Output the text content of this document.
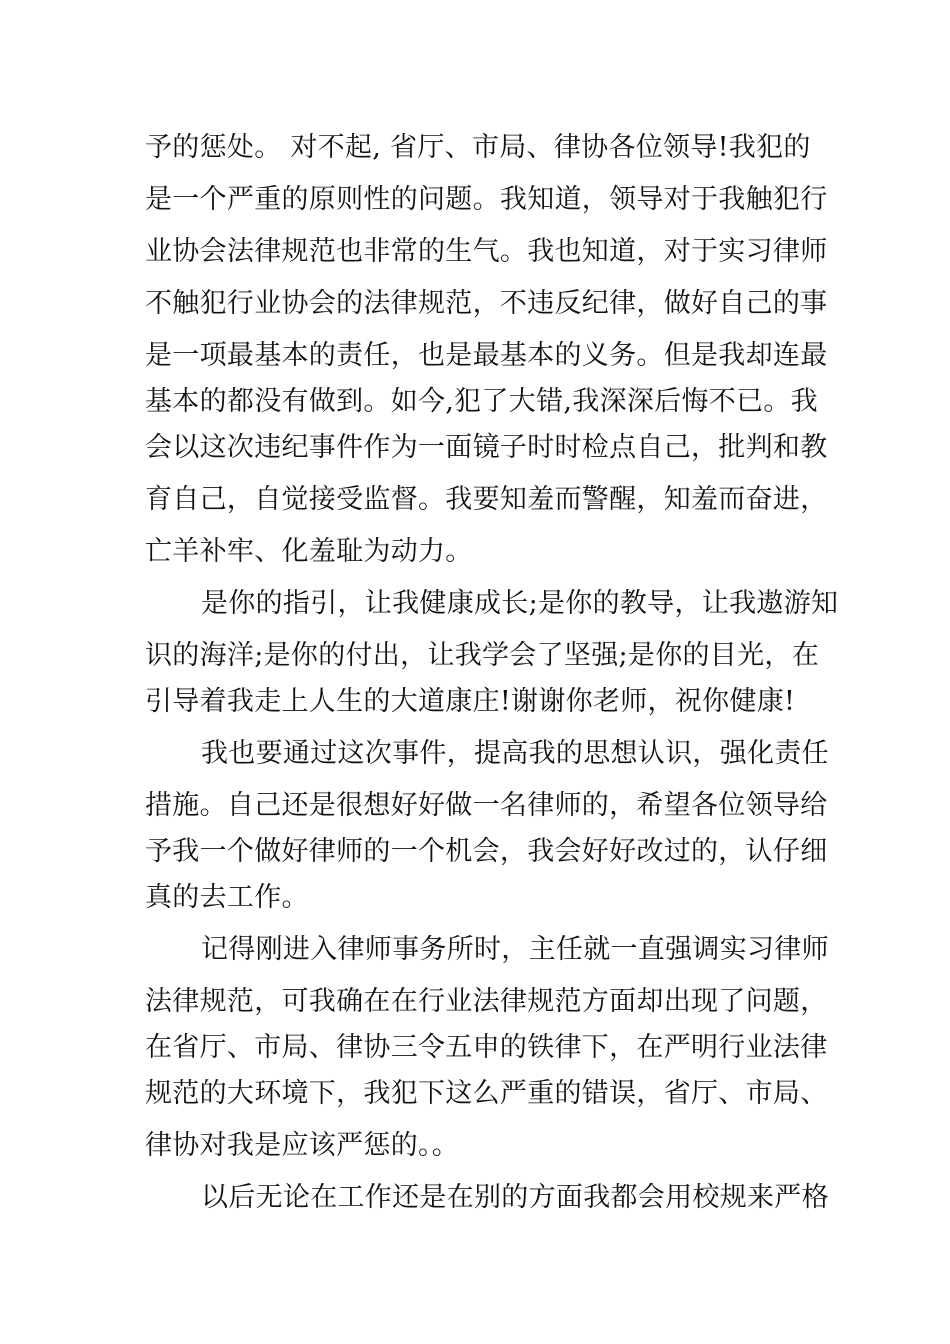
予的惩处。 对不起, 省厅、市局、律协各位领导!我犯的
是一个严重的原则性的问题。我知道，领导对于我触犯行
业协会法律规范也非常的生气。我也知道，对于实习律师
不触犯行业协会的法律规范，不违反纪律，做好自己的事
是一项最基本的责任，也是最基本的义务。但是我却连最
基本的都没有做到。如今,犯了大错,我深深后悔不已。我
会以这次违纪事件作为一面镜子时时检点自己，批判和教
育自己，自觉接受监督。我要知羞而警醒，知羞而奋进，
亡羊补牢、化羞耻为动力。
是你的指引，让我健康成长;是你的教导，让我遨游知
识的海洋;是你的付出，让我学会了坚强;是你的目光，在
引导着我走上人生的大道康庄!谢谢你老师，祝你健康!
我也要通过这次事件，提高我的思想认识，强化责任
措施。自己还是很想好好做一名律师的，希望各位领导给
予我一个做好律师的一个机会，我会好好改过的，认仔细
真的去工作。
记得刚进入律师事务所时，主任就一直强调实习律师
法律规范，可我确在在行业法律规范方面却出现了问题，
在省厅、市局、律协三令五申的铁律下，在严明行业法律
规范的大环境下，我犯下这么严重的错误，省厅、市局、
律协对我是应该严惩的。。
以后无论在工作还是在别的方面我都会用校规来严格
